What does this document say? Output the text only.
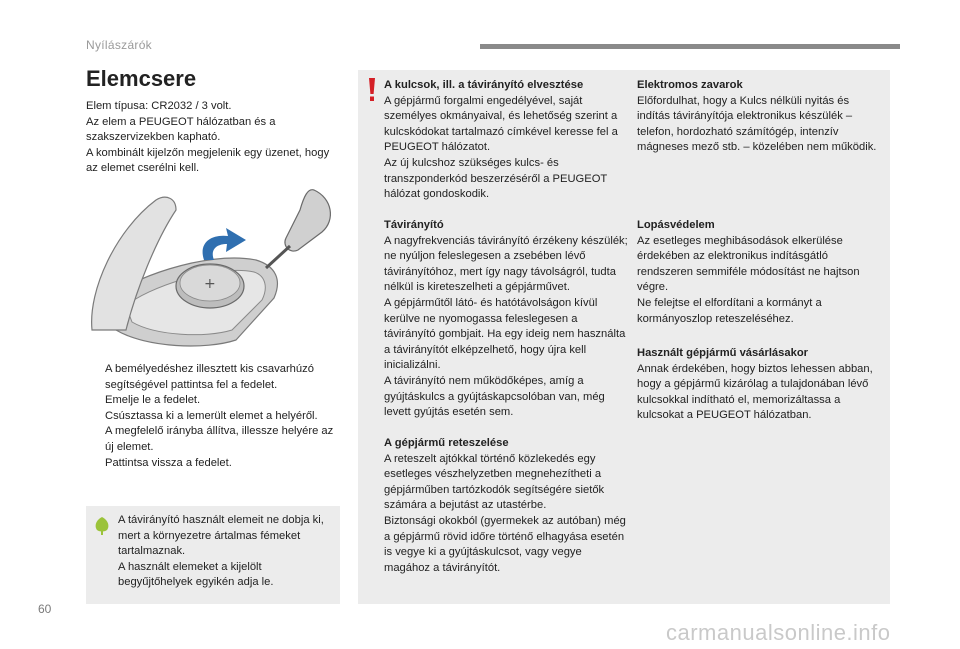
Nyílászárók
Elemcsere

Elem típusa: CR2032 / 3 volt.

Az elem a PEUGEOT hálózatban és a szakszervizekben kapható.

A kombinált kijelzőn megjelenik egy üzenet, hogy az elemet cserélni kell.

+
A bemélyedéshez illesztett kis csavarhúzó segítségével pattintsa fel a fedelet.
Emelje le a fedelet.
Csúsztassa ki a lemerült elemet a helyéről.
A megfelelő irányba állítva, illessze helyére az új elemet.
Pattintsa vissza a fedelet.
A távirányító használt elemeit ne dobja ki, mert a környezetre ártalmas fémeket tartalmaznak.
A használt elemeket a kijelölt begyűjtőhelyek egyikén adja le.
A kulcsok, ill. a távirányító elvesztése

A gépjármű forgalmi engedélyével, saját személyes okmányaival, és lehetőség szerint a kulcskódokat tartalmazó címkével keresse fel a PEUGEOT hálózatot.

Az új kulcshoz szükséges kulcs- és transzponderkód beszerzéséről a PEUGEOT hálózat gondoskodik.

Távirányító

A nagyfrekvenciás távirányító érzékeny készülék; ne nyúljon feleslegesen a zsebében lévő távirányítóhoz, mert így nagy távolságról, tudta nélkül is kireteszelheti a gépjárművet.

A gépjárműtől látó- és hatótávolságon kívül kerülve ne nyomogassa feleslegesen a távirányító gombjait. Ha egy ideig nem használta a távirányítót elképzelhető, hogy újra kell inicializálni.

A távirányító nem működőképes, amíg a gyújtáskulcs a gyújtáskapcsolóban van, még levett gyújtás esetén sem.

A gépjármű reteszelése

A reteszelt ajtókkal történő közlekedés egy esetleges vészhelyzetben megnehezítheti a gépjárműben tartózkodók segítségére sietők számára a bejutást az utastérbe.

Biztonsági okokból (gyermekek az autóban) még a gépjármű rövid időre történő elhagyása esetén is vegye ki a gyújtáskulcsot, vagy vegye magához a távirányítót.

Elektromos zavarok

Előfordulhat, hogy a Kulcs nélküli nyitás és indítás távirányítója elektronikus készülék – telefon, hordozható számítógép, intenzív mágneses mező stb. – közelében nem működik.

Lopásvédelem

Az esetleges meghibásodások elkerülése érdekében az elektronikus indításgátló rendszeren semmiféle módosítást ne hajtson végre.

Ne felejtse el elfordítani a kormányt a kormányoszlop reteszeléséhez.

Használt gépjármű vásárlásakor

Annak érdekében, hogy biztos lehessen abban, hogy a gépjármű kizárólag a tulajdonában lévő kulcsokkal indítható el, memorizáltassa a kulcsokat a PEUGEOT hálózatban.

60
carmanualsonline.info
